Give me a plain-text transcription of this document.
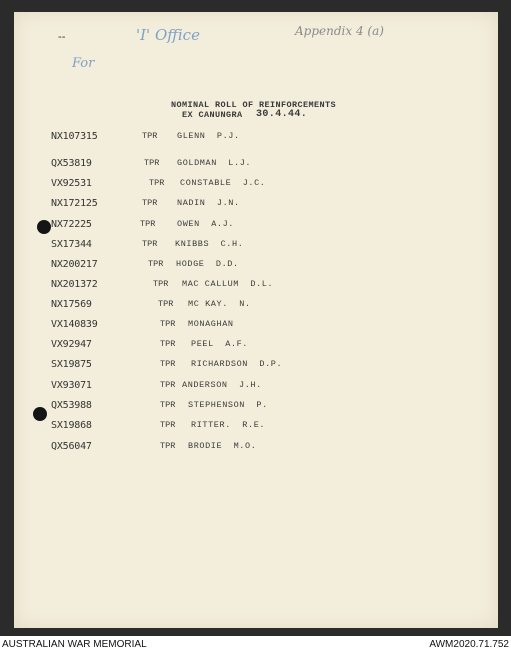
--	'I' Office
For
Appendix 4 (a)
NOMINAL ROLL OF REINFORCEMENTS
EX CANUNGRA 30.4.44.
NX107315	TPR GLENN  P.J.
QX53819	TPR GOLDMAN  L.J.
VX92531	TPR CONSTABLE  J.C.
NX172125	TPR NADIN  J.N.
NX72225	TPR	OWEN  A.J.
SX17344	TPR KNIBBS  C.H.
NX200217	TPR HODGE  D.D.
NX201372	TPR MAC CALLUM  D.L.
NX17569	TPR MC KAY.  N.
VX140839	TPR MONAGHAN
VX92947	TPR PEEL  A.F.
SX19875	TPR RICHARDSON  D.P.
VX93071	TPR ANDERSON  J.H.
QX53988	TPR STEPHENSON  P.
SX19868	TPR RITTER.  R.E.
QX56047	TPR BRODIE  M.O.
AUSTRALIAN WAR MEMORIAL	AWM2020.71.752
